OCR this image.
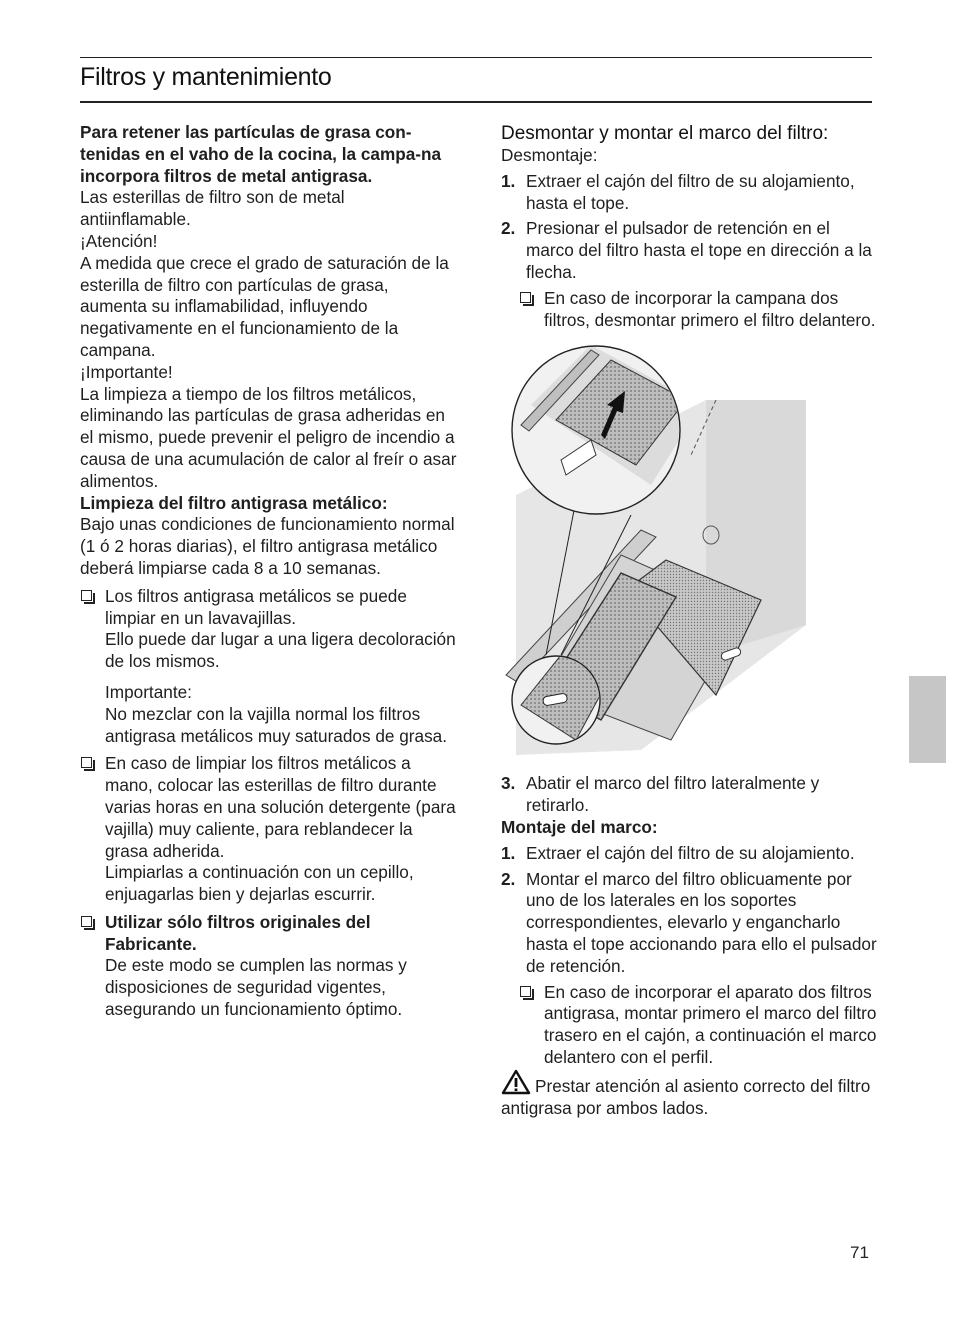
Filtros y mantenimiento

Para retener las partículas de grasa con-tenidas en el vaho de la cocina, la campa-na incorpora filtros de metal antigrasa.

Las esterillas de filtro son de metal antiinflamable.

¡Atención!

A medida que crece el grado de saturación de la esterilla de filtro con partículas de grasa, aumenta su inflamabilidad, influyendo negativamente en el funcionamiento de la campana.

¡Importante!

La limpieza a tiempo de los filtros metálicos, eliminando las partículas de grasa adheridas en el mismo, puede prevenir el peligro de incendio a causa de una acumulación de calor al freír o asar alimentos.

Limpieza del filtro antigrasa metálico:

Bajo unas condiciones de funcionamiento normal (1 ó 2 horas diarias), el filtro antigrasa metálico deberá limpiarse cada 8 a 10 semanas.

Los filtros antigrasa metálicos se puede limpiar en un lavavajillas.

Ello puede dar lugar a una ligera decoloración de los mismos.

Importante:

No mezclar con la vajilla normal los filtros antigrasa metálicos muy saturados de grasa.

En caso de limpiar los filtros metálicos a mano, colocar las esterillas de filtro durante varias horas en una solución detergente (para vajilla) muy caliente, para reblandecer la grasa adherida.

Limpiarlas a continuación con un cepillo, enjuagarlas bien y dejarlas escurrir.

Utilizar sólo filtros originales del Fabricante.

De este modo se cumplen las normas y disposiciones de seguridad vigentes, asegurando un funcionamiento óptimo.

Desmontar y montar el marco del filtro:

Desmontaje:

1. Extraer el cajón del filtro de su alojamiento, hasta el tope.

2. Presionar el pulsador de retención en el marco del filtro hasta el tope en dirección a la flecha.

En caso de incorporar la campana dos filtros, desmontar primero el filtro delantero.

3. Abatir el marco del filtro lateralmente y retirarlo.

Montaje del marco:

1. Extraer el cajón del filtro de su alojamiento.

2. Montar el marco del filtro oblicuamente por uno de los laterales en los soportes correspondientes, elevarlo y engancharlo hasta el tope accionando para ello el pulsador de retención.

En caso de incorporar el aparato dos filtros antigrasa, montar primero el marco del filtro trasero en el cajón, a continuación el marco delantero con el perfil.

Prestar atención al asiento correcto del filtro antigrasa por ambos lados.

71
